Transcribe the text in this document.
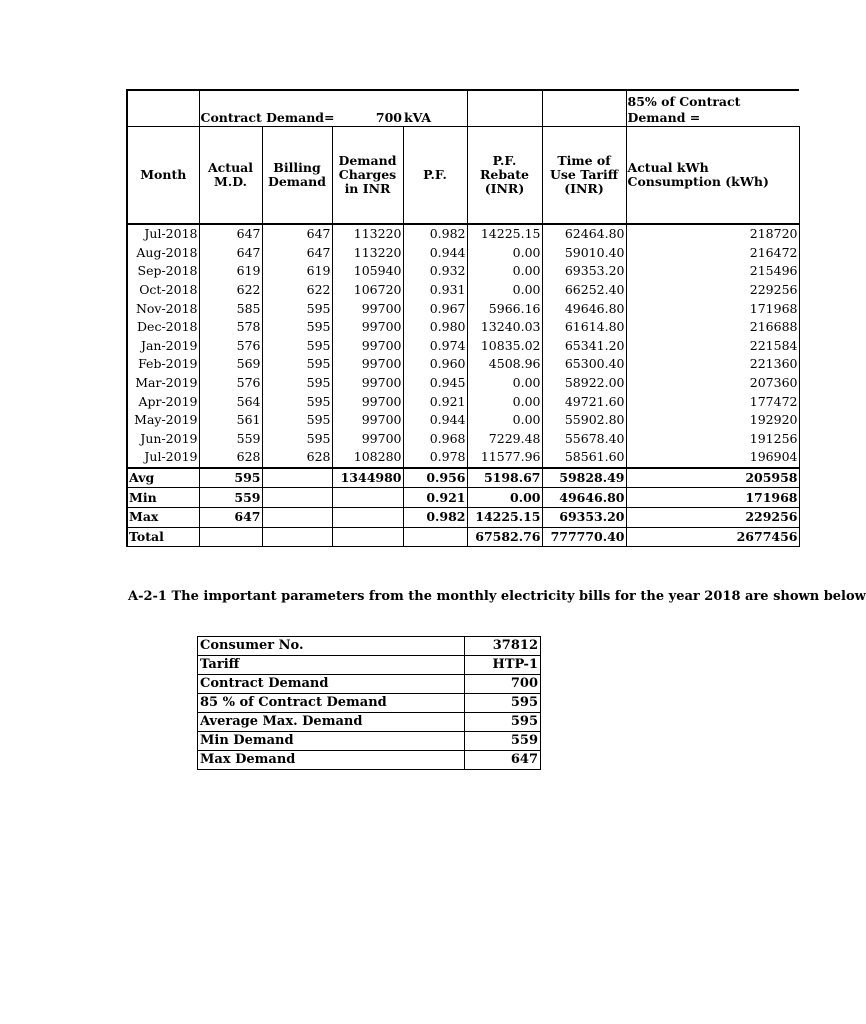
	Contract Demand=		700	kVA			85% of Contract Demand =
Month	Actual M.D.	Billing Demand	Demand Charges in INR	P.F.	P.F. Rebate (INR)	Time of Use Tariff (INR)	Actual kWh Consumption (kWh)
Jul-2018	647	647	113220	0.982	14225.15	62464.80	218720
Aug-2018	647	647	113220	0.944	0.00	59010.40	216472
Sep-2018	619	619	105940	0.932	0.00	69353.20	215496
Oct-2018	622	622	106720	0.931	0.00	66252.40	229256
Nov-2018	585	595	99700	0.967	5966.16	49646.80	171968
Dec-2018	578	595	99700	0.980	13240.03	61614.80	216688
Jan-2019	576	595	99700	0.974	10835.02	65341.20	221584
Feb-2019	569	595	99700	0.960	4508.96	65300.40	221360
Mar-2019	576	595	99700	0.945	0.00	58922.00	207360
Apr-2019	564	595	99700	0.921	0.00	49721.60	177472
May-2019	561	595	99700	0.944	0.00	55902.80	192920
Jun-2019	559	595	99700	0.968	7229.48	55678.40	191256
Jul-2019	628	628	108280	0.978	11577.96	58561.60	196904
Avg	595		1344980	0.956	5198.67	59828.49	205958
Min	559			0.921	0.00	49646.80	171968
Max	647			0.982	14225.15	69353.20	229256
Total					67582.76	777770.40	2677456
A-2-1 The important parameters from the monthly electricity bills for the year 2018 are shown below
Consumer No.	37812
Tariff	HTP-1
Contract Demand	700
85 % of Contract Demand	595
Average Max. Demand	595
Min Demand	559
Max Demand	647
